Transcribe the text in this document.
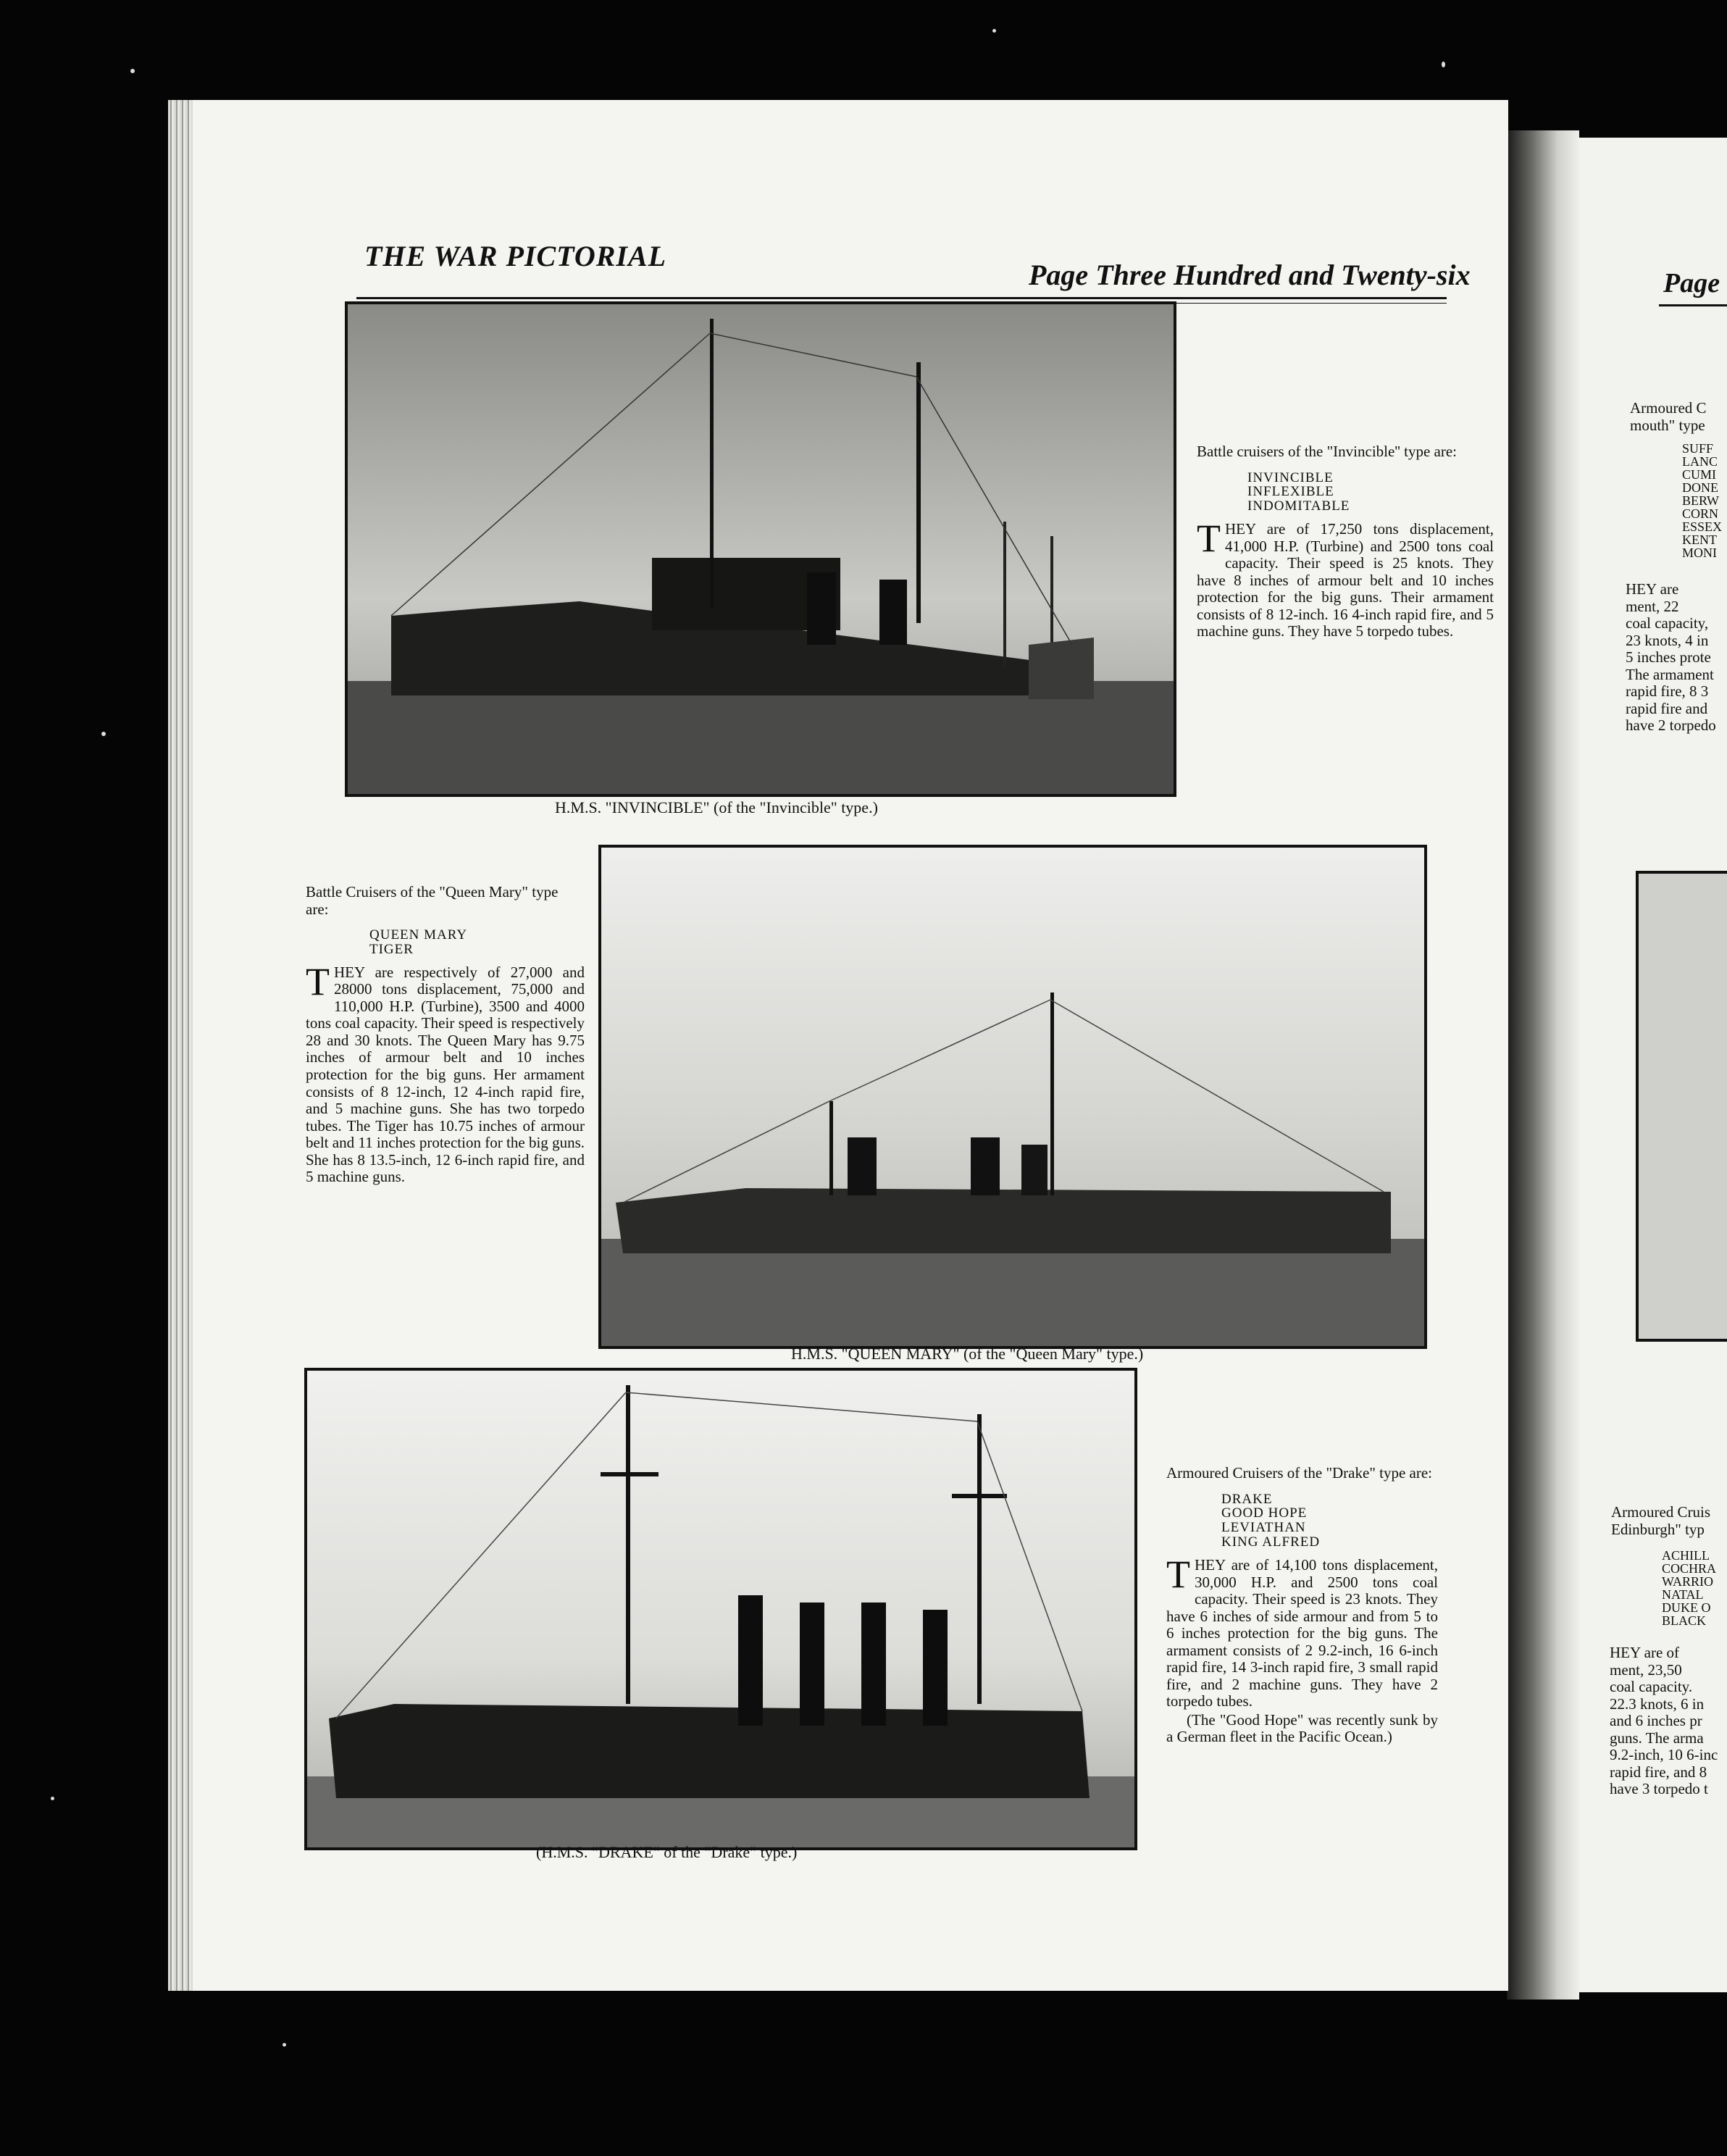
Page
Armoured C
mouth" type
SUFF
LANC
CUMI
DONE
BERW
CORN
ESSEX
KENT
MONI
HEY are
ment, 22
coal capacity,
23 knots, 4 in
5 inches prote
The armament
rapid fire, 8 3
rapid fire and
have 2 torpedo
Armoured Cruis
Edinburgh" typ
ACHILL
COCHRA
WARRIO
NATAL
DUKE O
BLACK
HEY are of
ment, 23,50
coal capacity.
22.3 knots, 6 in
and 6 inches pr
guns. The arma
9.2-inch, 10 6-inc
rapid fire, and 8
have 3 torpedo t
THE WAR PICTORIAL
Page Three Hundred and Twenty-six

Battle cruisers of the "Invincible'' type are:

INVINCIBLE
INFLEXIBLE
INDOMITABLE

THEY are of 17,250 tons displacement, 41,000 H.P. (Turbine) and 2500 tons coal capacity. Their speed is 25 knots. They have 8 inches of armour belt and 10 inches protection for the big guns. Their armament consists of 8 12-inch. 16 4-inch rapid fire, and 5 machine guns. They have 5 torpedo tubes.

H.M.S. "INVINCIBLE" (of the "Invincible" type.)

Battle Cruisers of the "Queen Mary" type are:

QUEEN MARY
TIGER

THEY are respectively of 27,000 and 28000 tons displacement, 75,000 and 110,000 H.P. (Turbine), 3500 and 4000 tons coal capacity. Their speed is respectively 28 and 30 knots. The Queen Mary has 9.75 inches of armour belt and 10 inches protection for the big guns. Her armament consists of 8 12-inch, 12 4-inch rapid fire, and 5 machine guns. She has two torpedo tubes. The Tiger has 10.75 inches of armour belt and 11 inches protection for the big guns. She has 8 13.5-inch, 12 6-inch rapid fire, and 5 machine guns.

H.M.S. "QUEEN MARY" (of the "Queen Mary" type.)

Armoured Cruisers of the "Drake" type are:

DRAKE
GOOD HOPE
LEVIATHAN
KING ALFRED

THEY are of 14,100 tons displacement, 30,000 H.P. and 2500 tons coal capacity. Their speed is 23 knots. They have 6 inches of side armour and from 5 to 6 inches protection for the big guns. The armament consists of 2 9.2-inch, 16 6-inch rapid fire, 14 3-inch rapid fire, 3 small rapid fire, and 2 machine guns. They have 2 torpedo tubes.

(The "Good Hope" was recently sunk by a German fleet in the Pacific Ocean.)

(H.M.S. "DRAKE" of the "Drake" type.)
